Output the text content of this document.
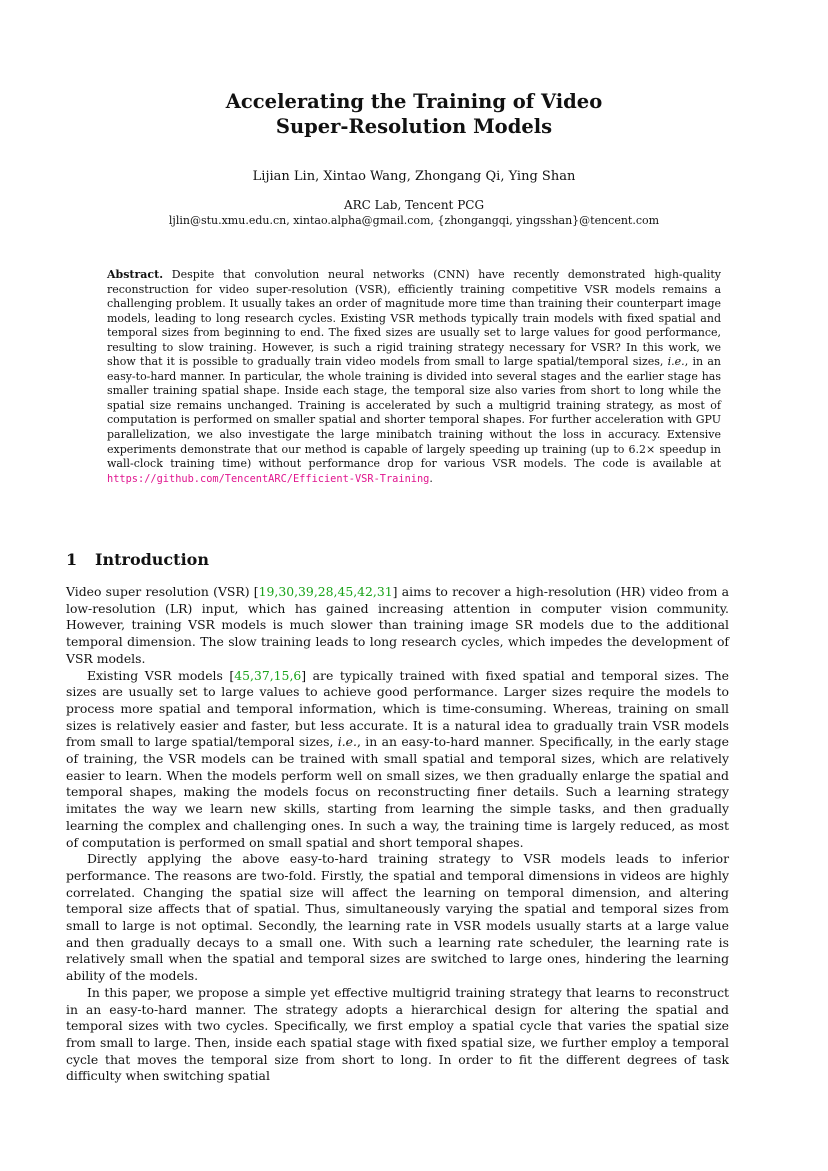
Accelerating the Training of Video
Super-Resolution Models
Lijian Lin, Xintao Wang, Zhongang Qi, Ying Shan
ARC Lab, Tencent PCG
ljlin@stu.xmu.edu.cn, xintao.alpha@gmail.com, {zhongangqi, yingsshan}@tencent.com
Abstract. Despite that convolution neural networks (CNN) have recently demonstrated high-quality reconstruction for video super-resolution (VSR), efficiently training competitive VSR models remains a challenging problem. It usually takes an order of magnitude more time than training their counterpart image models, leading to long research cycles. Existing VSR methods typically train models with fixed spatial and temporal sizes from beginning to end. The fixed sizes are usually set to large values for good performance, resulting to slow training. However, is such a rigid training strategy necessary for VSR? In this work, we show that it is possible to gradually train video models from small to large spatial/temporal sizes, i.e., in an easy-to-hard manner. In particular, the whole training is divided into several stages and the earlier stage has smaller training spatial shape. Inside each stage, the temporal size also varies from short to long while the spatial size remains unchanged. Training is accelerated by such a multigrid training strategy, as most of computation is performed on smaller spatial and shorter temporal shapes. For further acceleration with GPU parallelization, we also investigate the large minibatch training without the loss in accuracy. Extensive experiments demonstrate that our method is capable of largely speeding up training (up to 6.2× speedup in wall-clock training time) without performance drop for various VSR models. The code is available at https://github.com/TencentARC/Efficient-VSR-Training.
1 Introduction

Video super resolution (VSR) [19,30,39,28,45,42,31] aims to recover a high-resolution (HR) video from a low-resolution (LR) input, which has gained increasing attention in computer vision community. However, training VSR models is much slower than training image SR models due to the additional temporal dimension. The slow training leads to long research cycles, which impedes the development of VSR models.

Existing VSR models [45,37,15,6] are typically trained with fixed spatial and temporal sizes. The sizes are usually set to large values to achieve good performance. Larger sizes require the models to process more spatial and temporal information, which is time-consuming. Whereas, training on small sizes is relatively easier and faster, but less accurate. It is a natural idea to gradually train VSR models from small to large spatial/temporal sizes, i.e., in an easy-to-hard manner. Specifically, in the early stage of training, the VSR models can be trained with small spatial and temporal sizes, which are relatively easier to learn. When the models perform well on small sizes, we then gradually enlarge the spatial and temporal shapes, making the models focus on reconstructing finer details. Such a learning strategy imitates the way we learn new skills, starting from learning the simple tasks, and then gradually learning the complex and challenging ones. In such a way, the training time is largely reduced, as most of computation is performed on small spatial and short temporal shapes.

Directly applying the above easy-to-hard training strategy to VSR models leads to inferior performance. The reasons are two-fold. Firstly, the spatial and temporal dimensions in videos are highly correlated. Changing the spatial size will affect the learning on temporal dimension, and altering temporal size affects that of spatial. Thus, simultaneously varying the spatial and temporal sizes from small to large is not optimal. Secondly, the learning rate in VSR models usually starts at a large value and then gradually decays to a small one. With such a learning rate scheduler, the learning rate is relatively small when the spatial and temporal sizes are switched to large ones, hindering the learning ability of the models.

In this paper, we propose a simple yet effective multigrid training strategy that learns to reconstruct in an easy-to-hard manner. The strategy adopts a hierarchical design for altering the spatial and temporal sizes with two cycles. Specifically, we first employ a spatial cycle that varies the spatial size from small to large. Then, inside each spatial stage with fixed spatial size, we further employ a temporal cycle that moves the temporal size from short to long. In order to fit the different degrees of task difficulty when switching spatial
